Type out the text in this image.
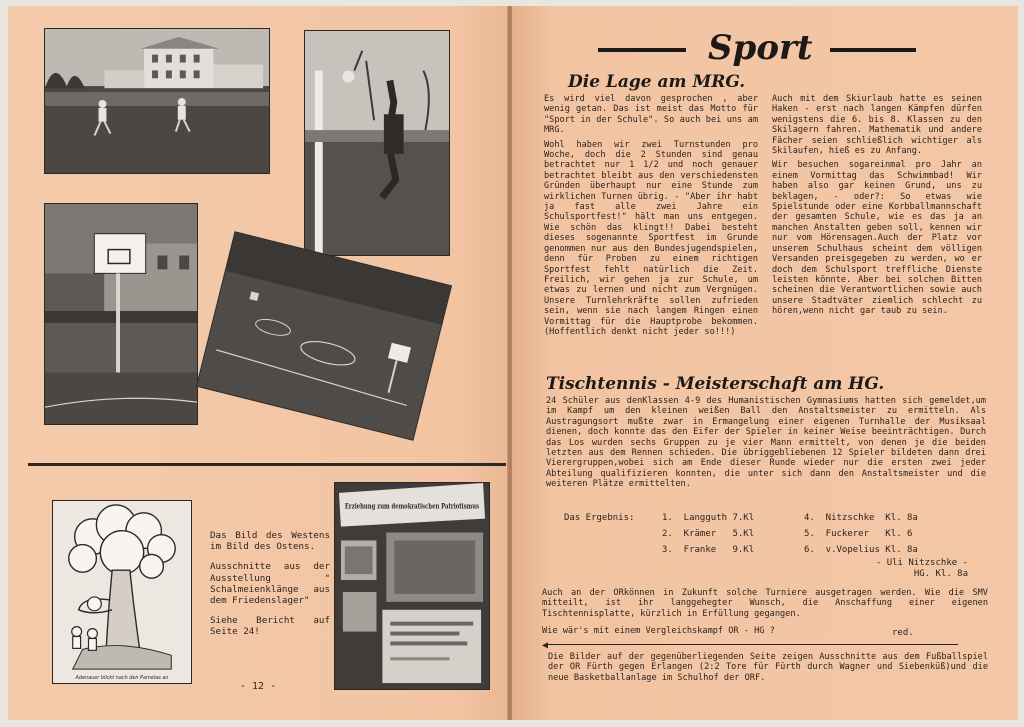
Adenauer blickt nach den Pamelas an

Das Bild des Westens im Bild des Ostens.

Ausschnitte aus der Ausstellung " Schalmeienklänge aus dem Friedenslager"

Siehe Bericht auf Seite 24!

Erziehung zum demokratischen Patriotismus
- 12 -
Sport
Die Lage am MRG.

Es wird viel davon gesprochen , aber wenig getan. Das ist meist das Motto für "Sport in der Schule". So auch bei uns am MRG.

Wohl haben wir zwei Turnstunden pro Woche, doch die 2 Stunden sind genau betrachtet nur 1 1/2 und noch genauer betrachtet bleibt aus den verschiedensten Gründen überhaupt nur eine Stunde zum wirklichen Turnen übrig. - "Aber ihr habt ja fast alle zwei Jahre ein Schulsportfest!" hält man uns entgegen. Wie schön das klingt!! Dabei besteht dieses sogenannte Sportfest im Grunde genommen nur aus den Bundesjugendspielen, denn für Proben zu einem richtigen Sportfest fehlt natürlich die Zeit. Freilich, wir gehen ja zur Schule, um etwas zu lernen und nicht zum Vergnügen. Unsere Turnlehrkräfte sollen zufrieden sein, wenn sie nach langem Ringen einen Vormittag für die Hauptprobe bekommen. (Hoffentlich denkt nicht jeder so!!!)

Auch mit dem Skiurlaub hatte es seinen Haken - erst nach langen Kämpfen dürfen wenigstens die 6. bis 8. Klassen zu den Skilagern fahren. Mathematik und andere Fächer seien schließlich wichtiger als Skilaufen, hieß es zu Anfang.

Wir besuchen sogareinmal pro Jahr an einem Vormittag das Schwimmbad! Wir haben also gar keinen Grund, uns zu beklagen, - oder?: So etwas wie Spielstunde oder eine Korbballmannschaft der gesamten Schule, wie es das ja an manchen Anstalten geben soll, kennen wir nur vom Hörensagen.Auch der Platz vor unserem Schulhaus scheint dem völligen Versanden preisgegeben zu werden, wo er doch dem Schulsport treffliche Dienste leisten könnte. Aber bei solchen Bitten scheinen die Verantwortlichen sowie auch unsere Stadtväter ziemlich schlecht zu hören,wenn nicht gar taub zu sein.

Tischtennis - Meisterschaft am HG.
24 Schüler aus denKlassen 4-9 des Humanistischen Gymnasiums hatten sich gemeldet,um im Kampf um den kleinen weißen Ball den Anstaltsmeister zu ermitteln. Als Austragungsort mußte zwar in Ermangelung einer eigenen Turnhalle der Musiksaal dienen, doch konnte das den Eifer der Spieler in keiner Weise beeinträchtigen. Durch das Los wurden sechs Gruppen zu je vier Mann ermittelt, von denen je die beiden letzten aus dem Rennen schieden. Die übriggebliebenen 12 Spieler bildeten dann drei Vierergruppen,wobei sich am Ende dieser Runde wieder nur die ersten zwei jeder Abteilung qualifizieren konnten, die unter sich dann den Anstaltsmeister und die weiteren Plätze ermittelten.
Das Ergebnis:	1.  Langguth 7.Kl
2.  Krämer   5.Kl
3.  Franke   9.Kl
4.  Nitzschke  Kl. 8a
5.  Fuckerer   Kl. 6
6.  v.Vopelius Kl. 8a
- Uli Nitzschke -
HG. Kl. 8a
Auch an der ORkönnen in Zukunft solche Turniere ausgetragen werden. Wie die SMV mitteilt, ist ihr langgehegter Wunsch, die Anschaffung einer eigenen Tischtennisplatte, kürzlich in Erfüllung gegangen.
Wie wär's mit einem Vergleichskampf OR - HG ?	red.
◀
Die Bilder auf der gegenüberliegenden Seite zeigen Ausschnitte aus dem Fußballspiel der OR Fürth gegen Erlangen (2:2 Tore für Fürth durch Wagner und Siebenküß)und die neue Basketballanlage im Schulhof der ORF.
